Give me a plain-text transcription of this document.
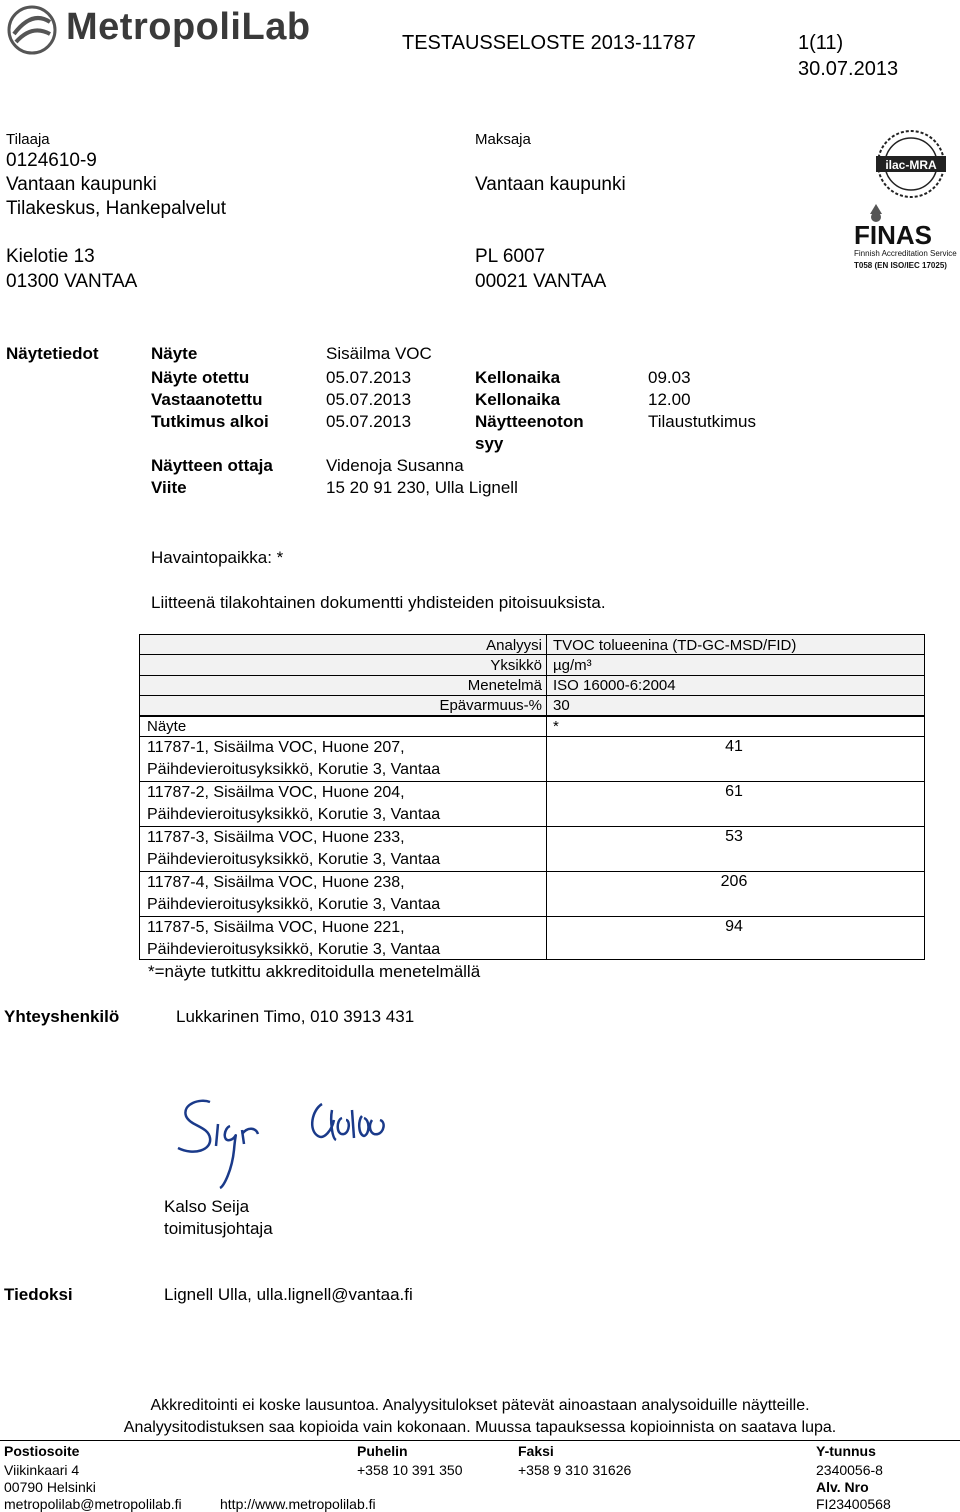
MetropoliLab	TESTAUSSELOSTE 2013-11787	1(11)
30.07.2013
Tilaaja
0124610-9
Vantaan kaupunki
Tilakeskus, Hankepalvelut
Kielotie 13
01300 VANTAA
Maksaja
Vantaan kaupunki
PL 6007
00021 VANTAA
ilac-MRA
FINAS
Finnish Accreditation Service
T058 (EN ISO/IEC 17025)
Näytetiedot	Näyte	Sisäilma VOC
Näyte otettu	05.07.2013	Kellonaika	09.03
Vastaanotettu	05.07.2013	Kellonaika	12.00
Tutkimus alkoi	05.07.2013	Näytteenoton
syy
Tilaustutkimus
Näytteen ottaja	Videnoja Susanna
Viite	15 20 91 230, Ulla Lignell
Havaintopaikka: *
Liitteenä tilakohtainen dokumentti yhdisteiden pitoisuuksista.
Analyysi TVOC tolueenina (TD-GC-MSD/FID)
Yksikkö µg/m³
Menetelmä ISO 16000-6:2004
Epävarmuus-% 30
Näyte	*
11787-1, Sisäilma VOC, Huone 207,
Päihdevieroitusyksikkö, Korutie 3, Vantaa
41
11787-2, Sisäilma VOC, Huone 204,
Päihdevieroitusyksikkö, Korutie 3, Vantaa
61
11787-3, Sisäilma VOC, Huone 233,
Päihdevieroitusyksikkö, Korutie 3, Vantaa
53
11787-4, Sisäilma VOC, Huone 238,
Päihdevieroitusyksikkö, Korutie 3, Vantaa
206
11787-5, Sisäilma VOC, Huone 221,
Päihdevieroitusyksikkö, Korutie 3, Vantaa
94
*=näyte tutkittu akkreditoidulla menetelmällä
Yhteyshenkilö	Lukkarinen Timo, 010 3913 431
Kalso Seija
toimitusjohtaja
Tiedoksi	Lignell Ulla, ulla.lignell@vantaa.fi
Akkreditointi ei koske lausuntoa. Analyysitulokset pätevät ainoastaan analysoiduille näytteille.
Analyysitodistuksen saa kopioida vain kokonaan. Muussa tapauksessa kopioinnista on saatava lupa.
Postiosoite
Viikinkaari 4
00790 Helsinki
metropolilab@metropolilab.fi	http://www.metropolilab.fi
Puhelin
+358 10 391 350
Faksi
+358 9 310 31626
Y-tunnus
2340056-8
Alv. Nro
FI23400568
